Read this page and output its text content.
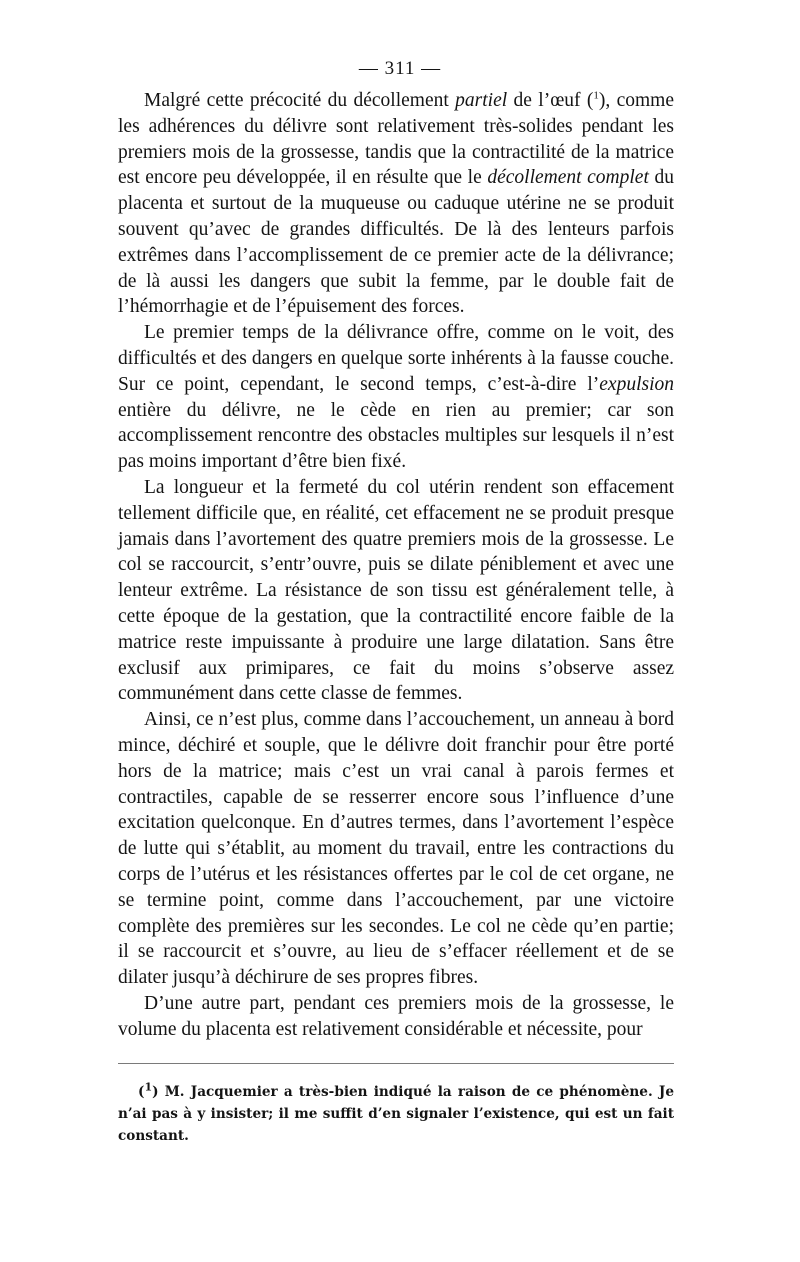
— 311 —

Malgré cette précocité du décollement partiel de l’œuf ($^1$), comme les adhérences du délivre sont relativement très-solides pendant les premiers mois de la grossesse, tandis que la contractilité de la matrice est encore peu développée, il en résulte que le décollement complet du placenta et surtout de la muqueuse ou caduque utérine ne se produit souvent qu’avec de grandes difficultés. De là des lenteurs parfois extrêmes dans l’accomplissement de ce premier acte de la délivrance; de là aussi les dangers que subit la femme, par le double fait de l’hémorrhagie et de l’épuisement des forces.

Le premier temps de la délivrance offre, comme on le voit, des difficultés et des dangers en quelque sorte inhérents à la fausse couche. Sur ce point, cependant, le second temps, c’est-à-dire l’expulsion entière du délivre, ne le cède en rien au premier; car son accomplissement rencontre des obstacles multiples sur lesquels il n’est pas moins important d’être bien fixé.

La longueur et la fermeté du col utérin rendent son effacement tellement difficile que, en réalité, cet effacement ne se produit presque jamais dans l’avortement des quatre premiers mois de la grossesse. Le col se raccourcit, s’entr’ouvre, puis se dilate péniblement et avec une lenteur extrême. La résistance de son tissu est généralement telle, à cette époque de la gestation, que la contractilité encore faible de la matrice reste impuissante à produire une large dilatation. Sans être exclusif aux primipares, ce fait du moins s’observe assez communément dans cette classe de femmes.

Ainsi, ce n’est plus, comme dans l’accouchement, un anneau à bord mince, déchiré et souple, que le délivre doit franchir pour être porté hors de la matrice; mais c’est un vrai canal à parois fermes et contractiles, capable de se resserrer encore sous l’influence d’une excitation quelconque. En d’autres termes, dans l’avortement l’espèce de lutte qui s’établit, au moment du travail, entre les contractions du corps de l’utérus et les résistances offertes par le col de cet organe, ne se termine point, comme dans l’accouchement, par une victoire complète des premières sur les secondes. Le col ne cède qu’en partie; il se raccourcit et s’ouvre, au lieu de s’effacer réellement et de se dilater jusqu’à déchirure de ses propres fibres.

D’une autre part, pendant ces premiers mois de la grossesse, le volume du placenta est relativement considérable et nécessite, pour

($^1$) M. Jacquemier a très-bien indiqué la raison de ce phénomène. Je n’ai pas à y insister; il me suffit d’en signaler l’existence, qui est un fait constant.
